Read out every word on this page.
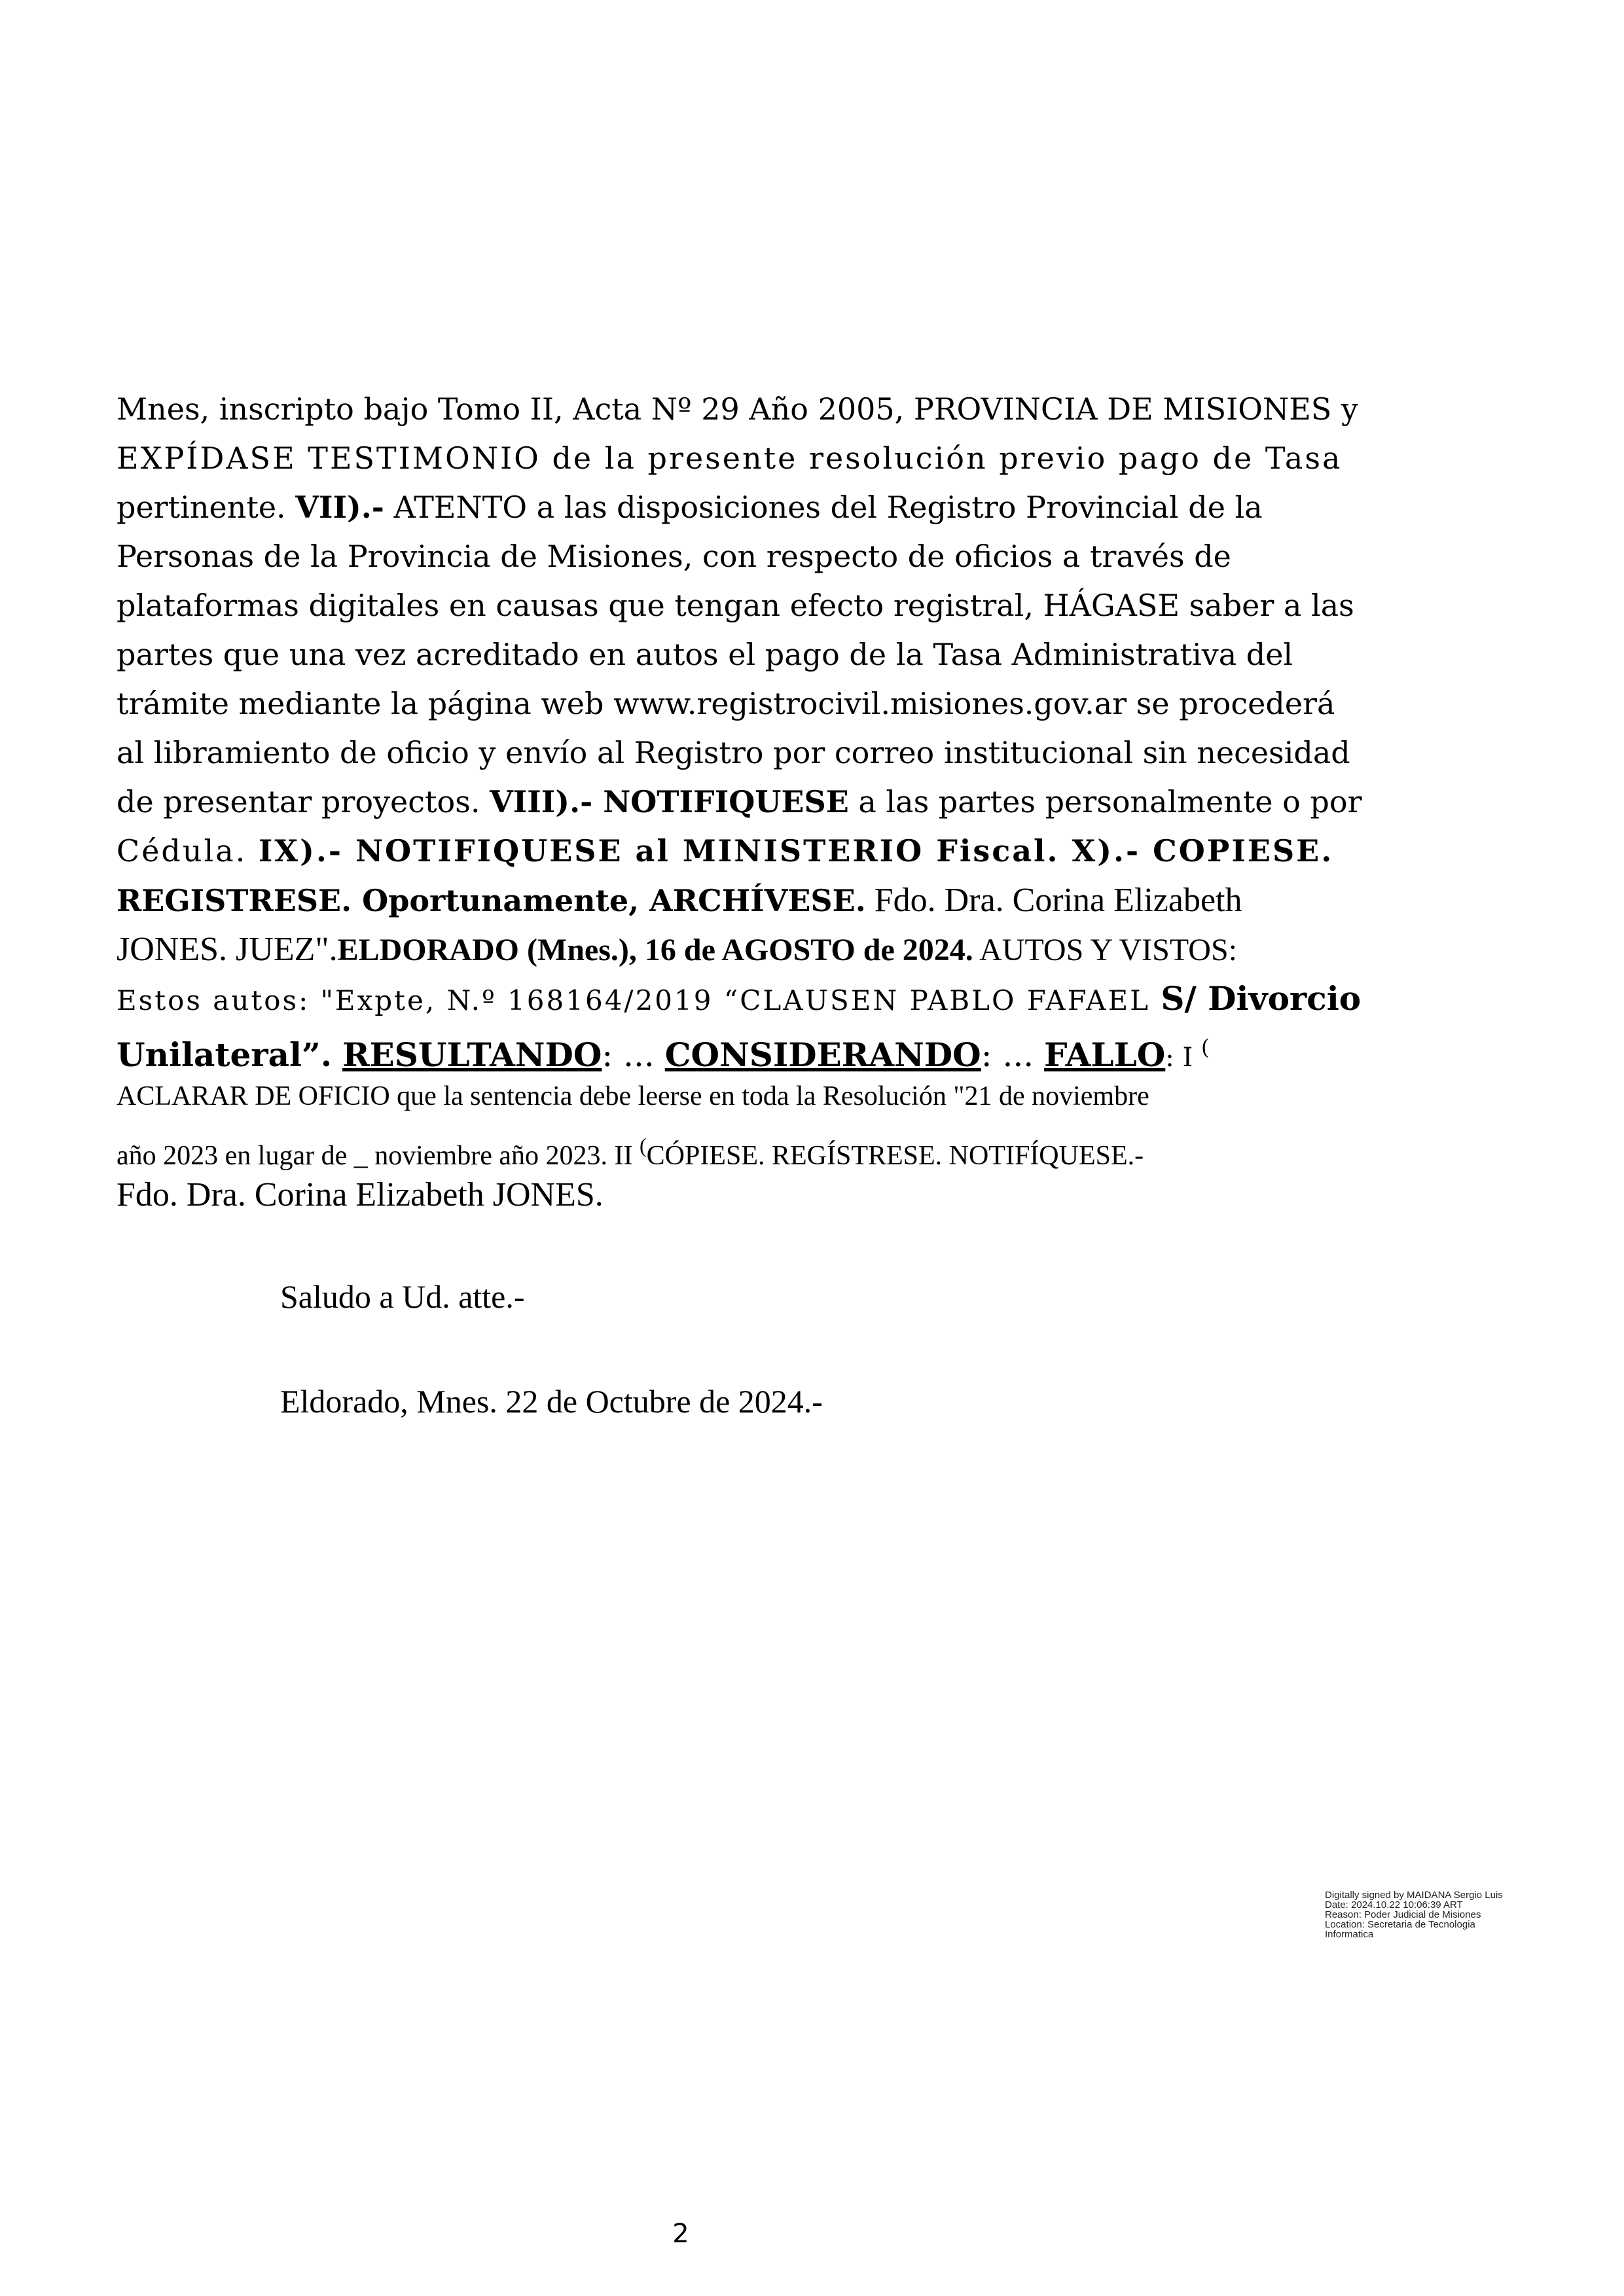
Mnes, inscripto bajo Tomo II, Acta Nº 29 Año 2005, PROVINCIA DE MISIONES y
EXPÍDASE TESTIMONIO de la presente resolución previo pago de Tasa
pertinente. VII).- ATENTO a las disposiciones del Registro Provincial de la
Personas de la Provincia de Misiones, con respecto de oficios a través de
plataformas digitales en causas que tengan efecto registral, HÁGASE saber a las
partes que una vez acreditado en autos el pago de la Tasa Administrativa del
trámite mediante la página web www.registrocivil.misiones.gov.ar se procederá
al libramiento de oficio y envío al Registro por correo institucional sin necesidad
de presentar proyectos. VIII).- NOTIFIQUESE a las partes personalmente o por
Cédula. IX).- NOTIFIQUESE al MINISTERIO Fiscal. X).- COPIESE.
REGISTRESE. Oportunamente, ARCHÍVESE. Fdo. Dra. Corina Elizabeth
JONES. JUEZ".ELDORADO (Mnes.), 16 de AGOSTO de 2024. AUTOS Y VISTOS:
Estos autos: "Expte, N.º 168164/2019 “CLAUSEN PABLO FAFAEL S/ Divorcio
Unilateral”. RESULTANDO: ... CONSIDERANDO: ... FALLO: I (
ACLARAR DE OFICIO que la sentencia debe leerse en toda la Resolución "21 de noviembre
año 2023 en lugar de _ noviembre año 2023. II (CÓPIESE. REGÍSTRESE. NOTIFÍQUESE.-
Fdo. Dra. Corina Elizabeth JONES.
Saludo a Ud. atte.-
Eldorado, Mnes. 22 de Octubre de 2024.-
Digitally signed by MAIDANA Sergio Luis
Date: 2024.10.22 10:06:39 ART
Reason: Poder Judicial de Misiones
Location: Secretaria de Tecnologia
Informatica
2
